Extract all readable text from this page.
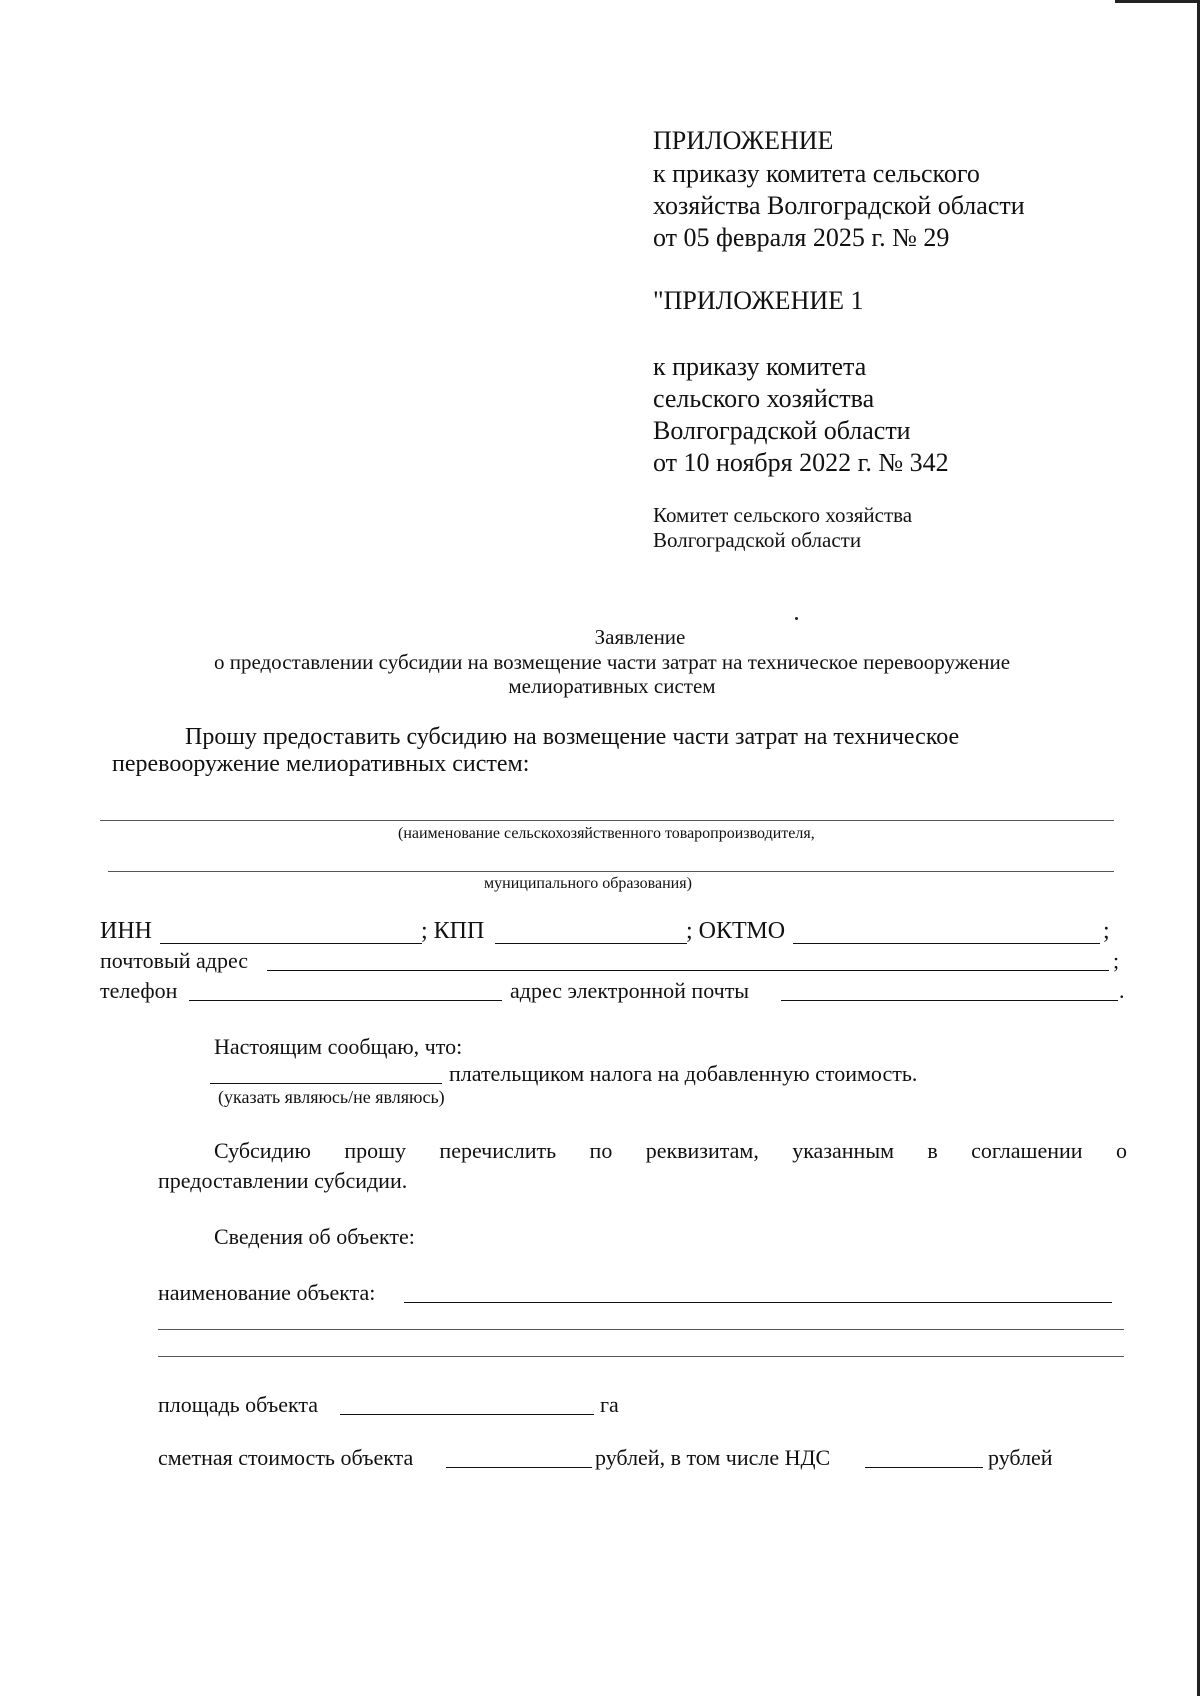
ПРИЛОЖЕНИЕ
к приказу комитета сельского
хозяйства Волгоградской области
от 05 февраля 2025 г. № 29
"ПРИЛОЖЕНИЕ 1
к приказу комитета
сельского хозяйства
Волгоградской области
от 10 ноября 2022 г. № 342
Комитет сельского хозяйства
Волгоградской области
Заявление
о предоставлении субсидии на возмещение части затрат на техническое перевооружение
мелиоративных систем
Прошу предоставить субсидию на возмещение части затрат на техническое
перевооружение мелиоративных систем:
(наименование сельскохозяйственного товаропроизводителя,
муниципального образования)
ИНН	; КПП	; ОКТМО	;
почтовый адрес	;
телефон	адрес электронной почты	.
Настоящим сообщаю, что:
плательщиком налога на добавленную стоимость.
(указать являюсь/не являюсь)
Субсидию прошу перечислить по реквизитам, указанным в соглашении о
предоставлении субсидии.
Сведения об объекте:
наименование объекта:
площадь объекта	га
сметная стоимость объекта	рублей, в том числе НДС	рублей
